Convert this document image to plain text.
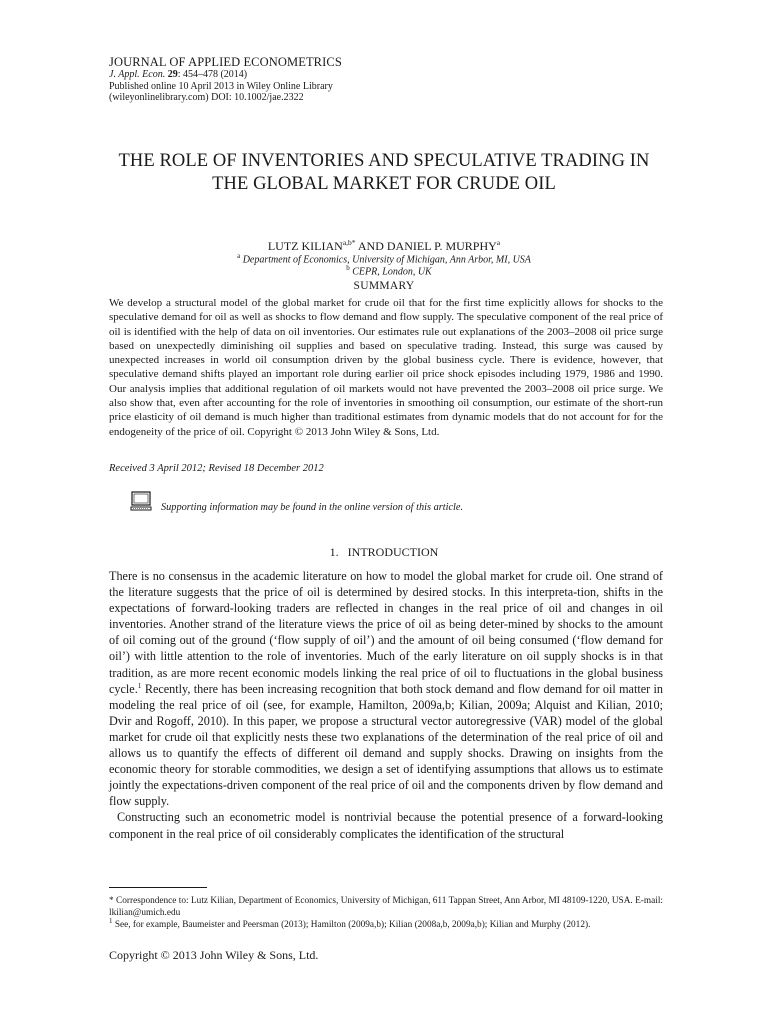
JOURNAL OF APPLIED ECONOMETRICS
J. Appl. Econ. 29: 454–478 (2014)
Published online 10 April 2013 in Wiley Online Library
(wileyonlinelibrary.com) DOI: 10.1002/jae.2322
THE ROLE OF INVENTORIES AND SPECULATIVE TRADING IN
THE GLOBAL MARKET FOR CRUDE OIL
LUTZ $KILIAN^{a,b*}$ AND DANIEL P. MURPHY$^a$
$^a$ Department of Economics, University of Michigan, Ann Arbor, MI, USA
$^b$ CEPR, London, UK
SUMMARY

We develop a structural model of the global market for crude oil that for the first time explicitly allows for shocks to the speculative demand for oil as well as shocks to flow demand and flow supply. The speculative component of the real price of oil is identified with the help of data on oil inventories. Our estimates rule out explanations of the 2003–2008 oil price surge based on unexpectedly diminishing oil supplies and based on speculative trading. Instead, this surge was caused by unexpected increases in world oil consumption driven by the global business cycle. There is evidence, however, that speculative demand shifts played an important role during earlier oil price shock episodes including 1979, 1986 and 1990. Our analysis implies that additional regulation of oil markets would not have prevented the 2003–2008 oil price surge. We also show that, even after accounting for the role of inventories in smoothing oil consumption, our estimate of the short-run price elasticity of oil demand is much higher than traditional estimates from dynamic models that do not account for for the endogeneity of the price of oil. Copyright © 2013 John Wiley & Sons, Ltd.

Received 3 April 2012; Revised 18 December 2012
Supporting information may be found in the online version of this article.
1. INTRODUCTION

There is no consensus in the academic literature on how to model the global market for crude oil. One strand of the literature suggests that the price of oil is determined by desired stocks. In this interpreta-tion, shifts in the expectations of forward-looking traders are reflected in changes in the real price of oil and changes in oil inventories. Another strand of the literature views the price of oil as being deter-mined by shocks to the amount of oil coming out of the ground (‘flow supply of oil’) and the amount of oil being consumed (‘flow demand for oil’) with little attention to the role of inventories. Much of the early literature on oil supply shocks is in that tradition, as are more recent economic models linking the real price of oil to fluctuations in the global business cycle.$^1$ Recently, there has been increasing recognition that both stock demand and flow demand for oil matter in modeling the real price of oil (see, for example, Hamilton, 2009a,b; Kilian, 2009a; Alquist and Kilian, 2010; Dvir and Rogoff, 2010). In this paper, we propose a structural vector autoregressive (VAR) model of the global market for crude oil that explicitly nests these two explanations of the determination of the real price of oil and allows us to quantify the effects of different oil demand and supply shocks. Drawing on insights from the economic theory for storable commodities, we design a set of identifying assumptions that allows us to estimate jointly the expectations-driven component of the real price of oil and the components driven by flow demand and flow supply.

Constructing such an econometric model is nontrivial because the potential presence of a forward-looking component in the real price of oil considerably complicates the identification of the structural

* Correspondence to: Lutz Kilian, Department of Economics, University of Michigan, 611 Tappan Street, Ann Arbor, MI 48109-1220, USA. E-mail: lkilian@umich.edu

$^1$ See, for example, Baumeister and Peersman (2013); Hamilton (2009a,b); Kilian (2008a,b, 2009a,b); Kilian and Murphy (2012).

Copyright © 2013 John Wiley & Sons, Ltd.
